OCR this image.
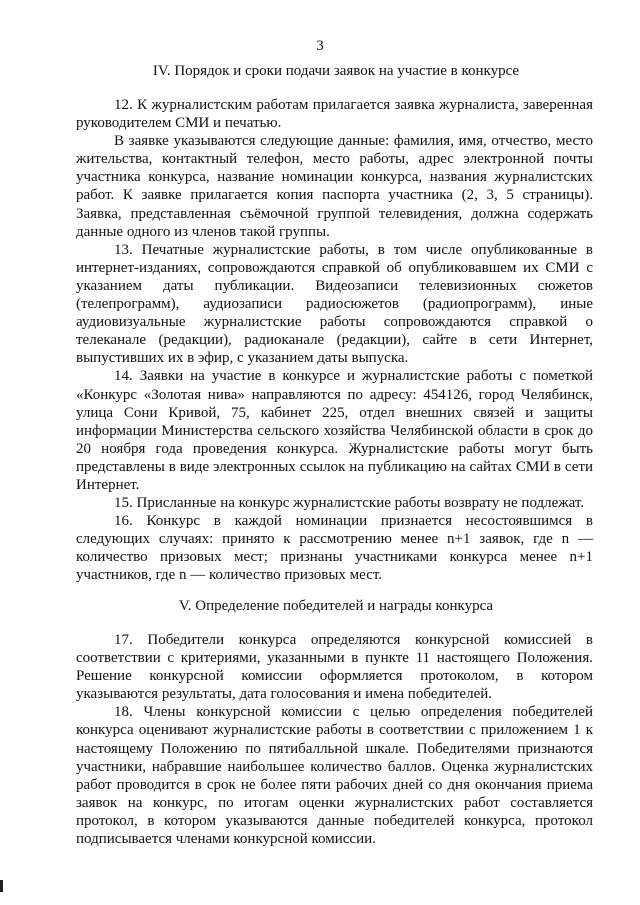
3
IV. Порядок и сроки подачи заявок на участие в конкурсе

12. К журналистским работам прилагается заявка журналиста, заверенная руководителем СМИ и печатью.

В заявке указываются следующие данные: фамилия, имя, отчество, место жительства, контактный телефон, место работы, адрес электронной почты участника конкурса, название номинации конкурса, названия журналистских работ. К заявке прилагается копия паспорта участника (2, 3, 5 страницы). Заявка, представленная съёмочной группой телевидения, должна содержать данные одного из членов такой группы.

13. Печатные журналистские работы, в том числе опубликованные в интернет-изданиях, сопровождаются справкой об опубликовавшем их СМИ с указанием даты публикации. Видеозаписи телевизионных сюжетов (телепрограмм), аудиозаписи радиосюжетов (радиопрограмм), иные аудиовизуальные журналистские работы сопровождаются справкой о телеканале (редакции), радиоканале (редакции), сайте в сети Интернет, выпустивших их в эфир, с указанием даты выпуска.

14. Заявки на участие в конкурсе и журналистские работы с пометкой «Конкурс «Золотая нива» направляются по адресу: 454126, город Челябинск, улица Сони Кривой, 75, кабинет 225, отдел внешних связей и защиты информации Министерства сельского хозяйства Челябинской области в срок до 20 ноября года проведения конкурса. Журналистские работы могут быть представлены в виде электронных ссылок на публикацию на сайтах СМИ в сети Интернет.

15. Присланные на конкурс журналистские работы возврату не подлежат.

16. Конкурс в каждой номинации признается несостоявшимся в следующих случаях: принято к рассмотрению менее n+1 заявок, где n — количество призовых мест; признаны участниками конкурса менее n+1 участников, где n — количество призовых мест.

V. Определение победителей и награды конкурса

17. Победители конкурса определяются конкурсной комиссией в соответствии с критериями, указанными в пункте 11 настоящего Положения. Решение конкурсной комиссии оформляется протоколом, в котором указываются результаты, дата голосования и имена победителей.

18. Члены конкурсной комиссии с целью определения победителей конкурса оценивают журналистские работы в соответствии с приложением 1 к настоящему Положению по пятибалльной шкале. Победителями признаются участники, набравшие наибольшее количество баллов. Оценка журналистских работ проводится в срок не более пяти рабочих дней со дня окончания приема заявок на конкурс, по итогам оценки журналистских работ составляется протокол, в котором указываются данные победителей конкурса, протокол подписывается членами конкурсной комиссии.
